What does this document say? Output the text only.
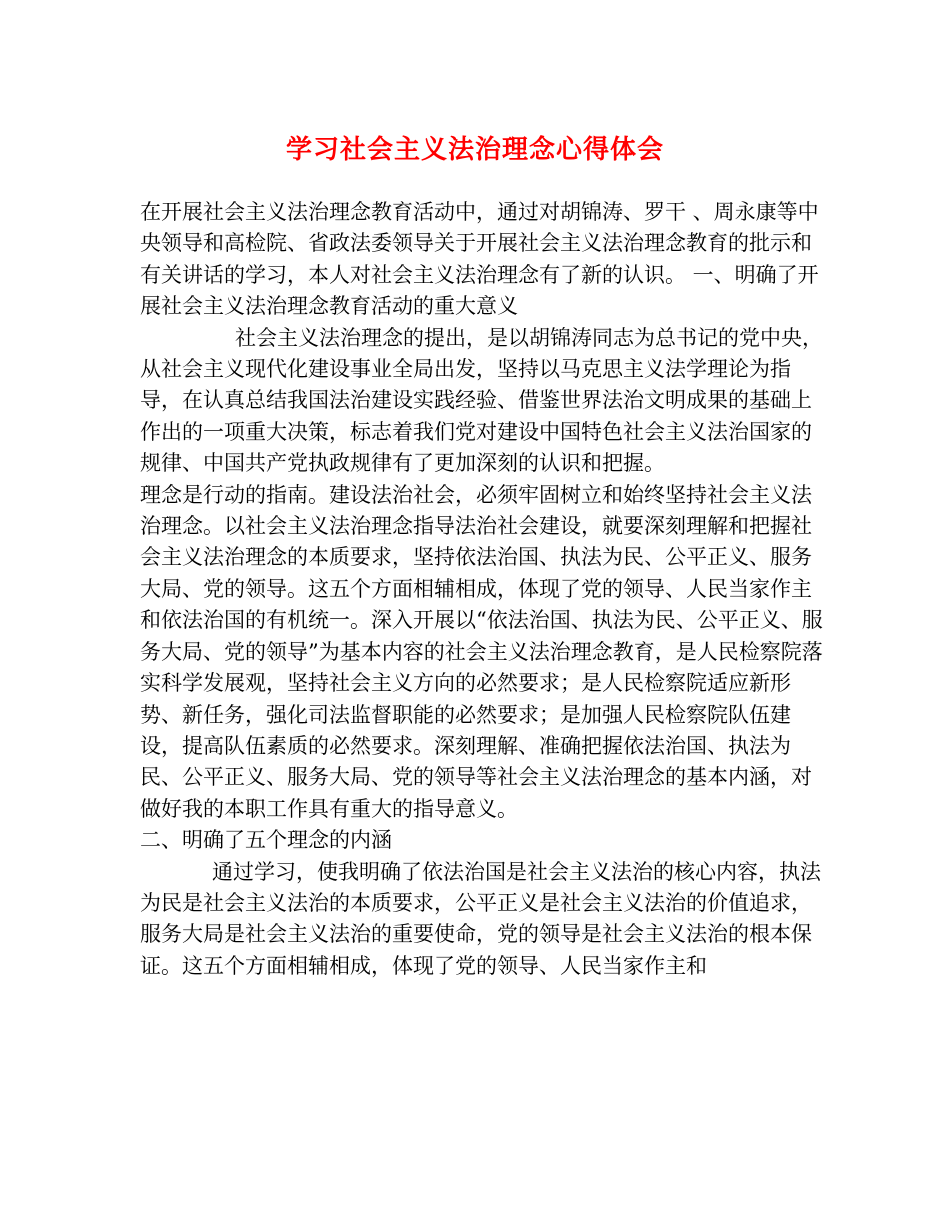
学习社会主义法治理念心得体会

在开展社会主义法治理念教育活动中，通过对胡锦涛、罗干 、周永康等中央领导和高检院、省政法委领导关于开展社会主义法治理念教育的批示和有关讲话的学习，本人对社会主义法治理念有了新的认识。 一、明确了开展社会主义法治理念教育活动的重大意义

社会主义法治理念的提出，是以胡锦涛同志为总书记的党中央，从社会主义现代化建设事业全局出发，坚持以马克思主义法学理论为指导，在认真总结我国法治建设实践经验、借鉴世界法治文明成果的基础上作出的一项重大决策，标志着我们党对建设中国特色社会主义法治国家的规律、中国共产党执政规律有了更加深刻的认识和把握。

理念是行动的指南。建设法治社会，必须牢固树立和始终坚持社会主义法治理念。以社会主义法治理念指导法治社会建设，就要深刻理解和把握社会主义法治理念的本质要求，坚持依法治国、执法为民、公平正义、服务大局、党的领导。这五个方面相辅相成，体现了党的领导、人民当家作主和依法治国的有机统一。深入开展以“依法治国、执法为民、公平正义、服务大局、党的领导”为基本内容的社会主义法治理念教育，是人民检察院落实科学发展观，坚持社会主义方向的必然要求；是人民检察院适应新形势、新任务，强化司法监督职能的必然要求；是加强人民检察院队伍建设，提高队伍素质的必然要求。深刻理解、准确把握依法治国、执法为民、公平正义、服务大局、党的领导等社会主义法治理念的基本内涵，对做好我的本职工作具有重大的指导意义。

二、明确了五个理念的内涵

通过学习，使我明确了依法治国是社会主义法治的核心内容，执法为民是社会主义法治的本质要求，公平正义是社会主义法治的价值追求，服务大局是社会主义法治的重要使命，党的领导是社会主义法治的根本保证。这五个方面相辅相成，体现了党的领导、人民当家作主和
